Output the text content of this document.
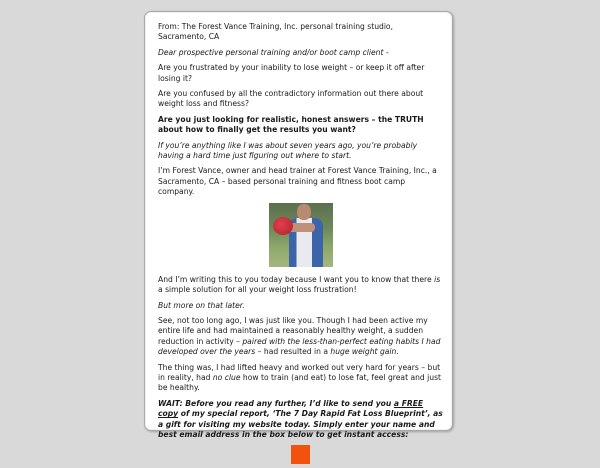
From: The Forest Vance Training, Inc. personal training studio, Sacramento, CA

Dear prospective personal training and/or boot camp client -

Are you frustrated by your inability to lose weight – or keep it off after losing it?

Are you confused by all the contradictory information out there about weight loss and fitness?

Are you just looking for realistic, honest answers – the TRUTH about how to finally get the results you want?

If you’re anything like I was about seven years ago, you’re probably having a hard time just figuring out where to start.

I’m Forest Vance, owner and head trainer at Forest Vance Training, Inc., a Sacramento, CA – based personal training and fitness boot camp company.

And I’m writing this to you today because I want you to know that there is a simple solution for all your weight loss frustration!

But more on that later.

See, not too long ago, I was just like you. Though I had been active my entire life and had maintained a reasonably healthy weight, a sudden reduction in activity – paired with the less-than-perfect eating habits I had developed over the years – had resulted in a huge weight gain.

The thing was, I had lifted heavy and worked out very hard for years – but in reality, had no clue how to train (and eat) to lose fat, feel great and just be healthy.

WAIT: Before you read any further, I’d like to send you a FREE copy of my special report, ‘The 7 Day Rapid Fat Loss Blueprint’, as a gift for visiting my website today. Simply enter your name and best email address in the box below to get instant access:
